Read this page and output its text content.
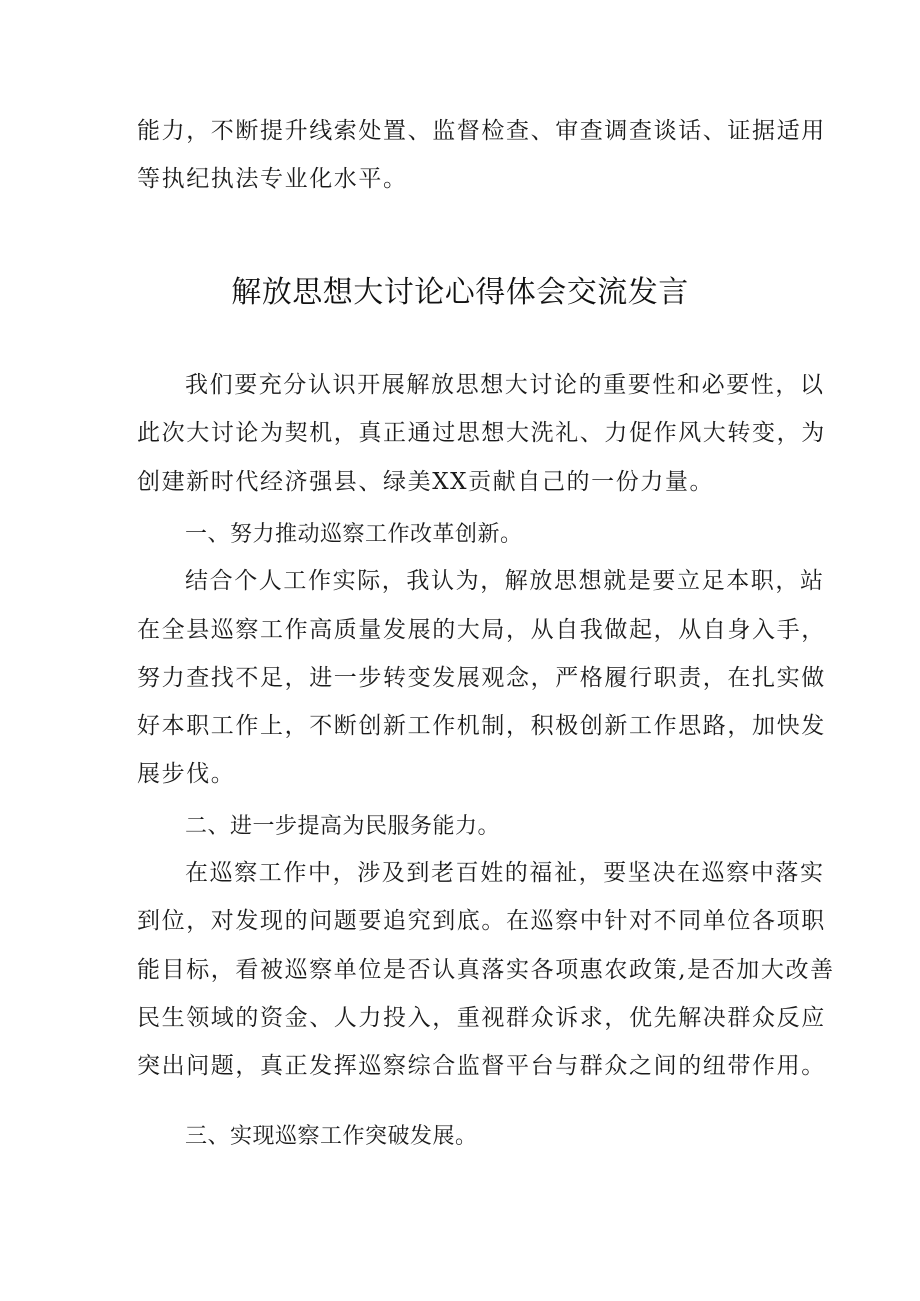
能力，不断提升线索处置、监督检查、审查调查谈话、证据适用
等执纪执法专业化水平。
解放思想大讨论心得体会交流发言
我们要充分认识开展解放思想大讨论的重要性和必要性，以
此次大讨论为契机，真正通过思想大洗礼、力促作风大转变，为
创建新时代经济强县、绿美XX贡献自己的一份力量。
一、努力推动巡察工作改革创新。
结合个人工作实际，我认为，解放思想就是要立足本职，站
在全县巡察工作高质量发展的大局，从自我做起，从自身入手，
努力查找不足，进一步转变发展观念，严格履行职责，在扎实做
好本职工作上，不断创新工作机制，积极创新工作思路，加快发
展步伐。
二、进一步提高为民服务能力。
在巡察工作中，涉及到老百姓的福祉，要坚决在巡察中落实
到位，对发现的问题要追究到底。在巡察中针对不同单位各项职
能目标，看被巡察单位是否认真落实各项惠农政策,是否加大改善
民生领域的资金、人力投入，重视群众诉求，优先解决群众反应
突出问题，真正发挥巡察综合监督平台与群众之间的纽带作用。
三、实现巡察工作突破发展。
